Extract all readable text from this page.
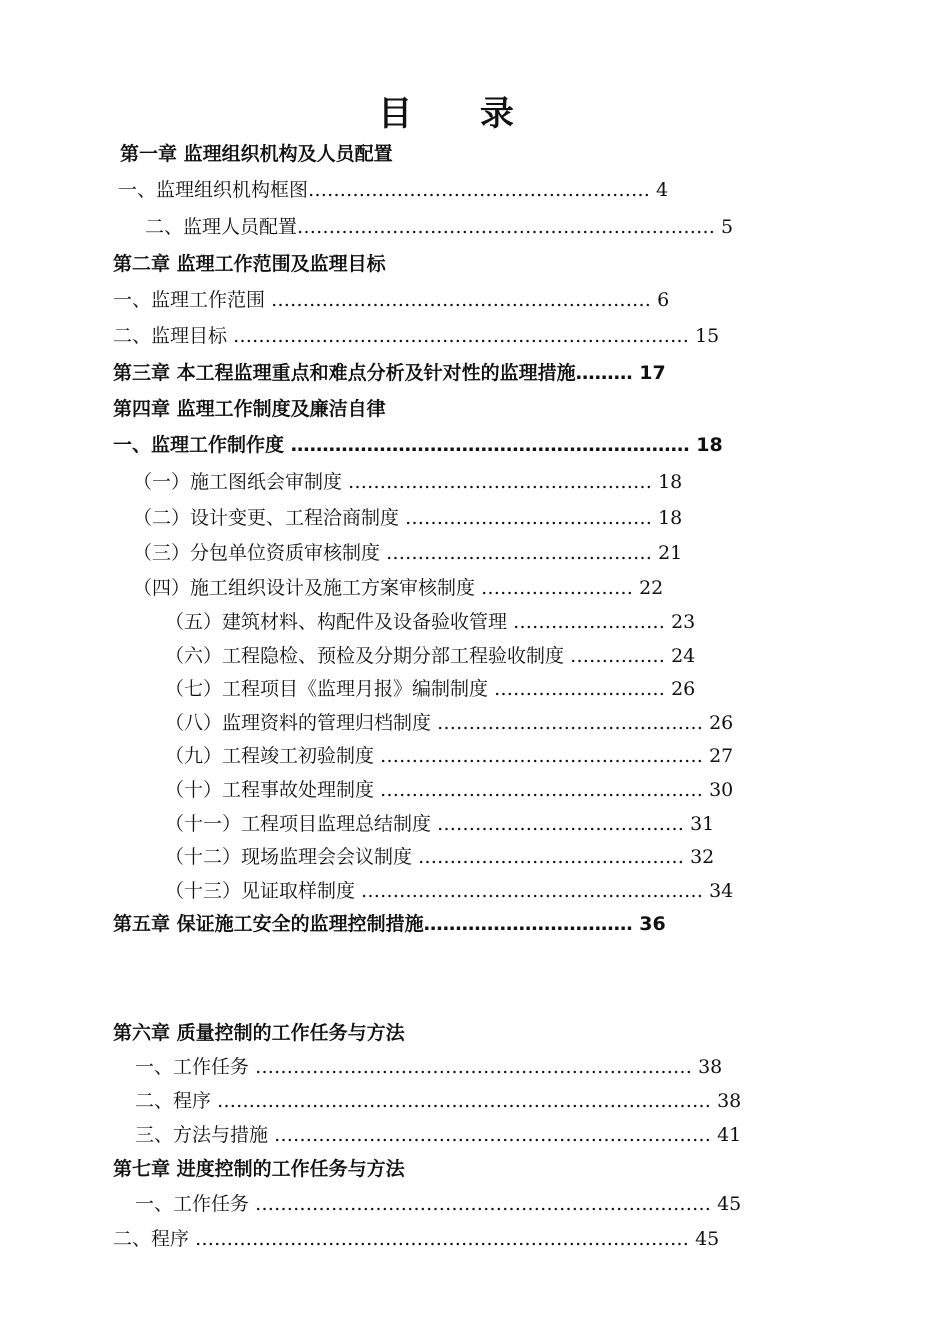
目 录
第一章 监理组织机构及人员配置
一、监理组织机构框图……………………………………………… 4
二、监理人员配置………………………………………………………… 5
第二章 监理工作范围及监理目标
一、监理工作范围 …………………………………………………… 6
二、监理目标 ……………………………………………………………… 15
第三章 本工程监理重点和难点分析及针对性的监理措施……… 17
第四章 监理工作制度及廉洁自律
一、监理工作制作度 ……………………………………………………… 18
（一）施工图纸会审制度 ………………………………………… 18
（二）设计变更、工程洽商制度 ………………………………… 18
（三）分包单位资质审核制度 …………………………………… 21
（四）施工组织设计及施工方案审核制度 …………………… 22
（五）建筑材料、构配件及设备验收管理 …………………… 23
（六）工程隐检、预检及分期分部工程验收制度 …………… 24
（七）工程项目《监理月报》编制制度 ……………………… 26
（八）监理资料的管理归档制度 …………………………………… 26
（九）工程竣工初验制度 …………………………………………… 27
（十）工程事故处理制度 …………………………………………… 30
（十一）工程项目监理总结制度 ………………………………… 31
（十二）现场监理会会议制度 …………………………………… 32
（十三）见证取样制度 ……………………………………………… 34
第五章 保证施工安全的监理控制措施…………………………… 36
第六章 质量控制的工作任务与方法
一、工作任务 …………………………………………………………… 38
二、程序 …………………………………………………………………… 38
三、方法与措施 …………………………………………………………… 41
第七章 进度控制的工作任务与方法
一、工作任务 ……………………………………………………………… 45
二、程序 …………………………………………………………………… 45
